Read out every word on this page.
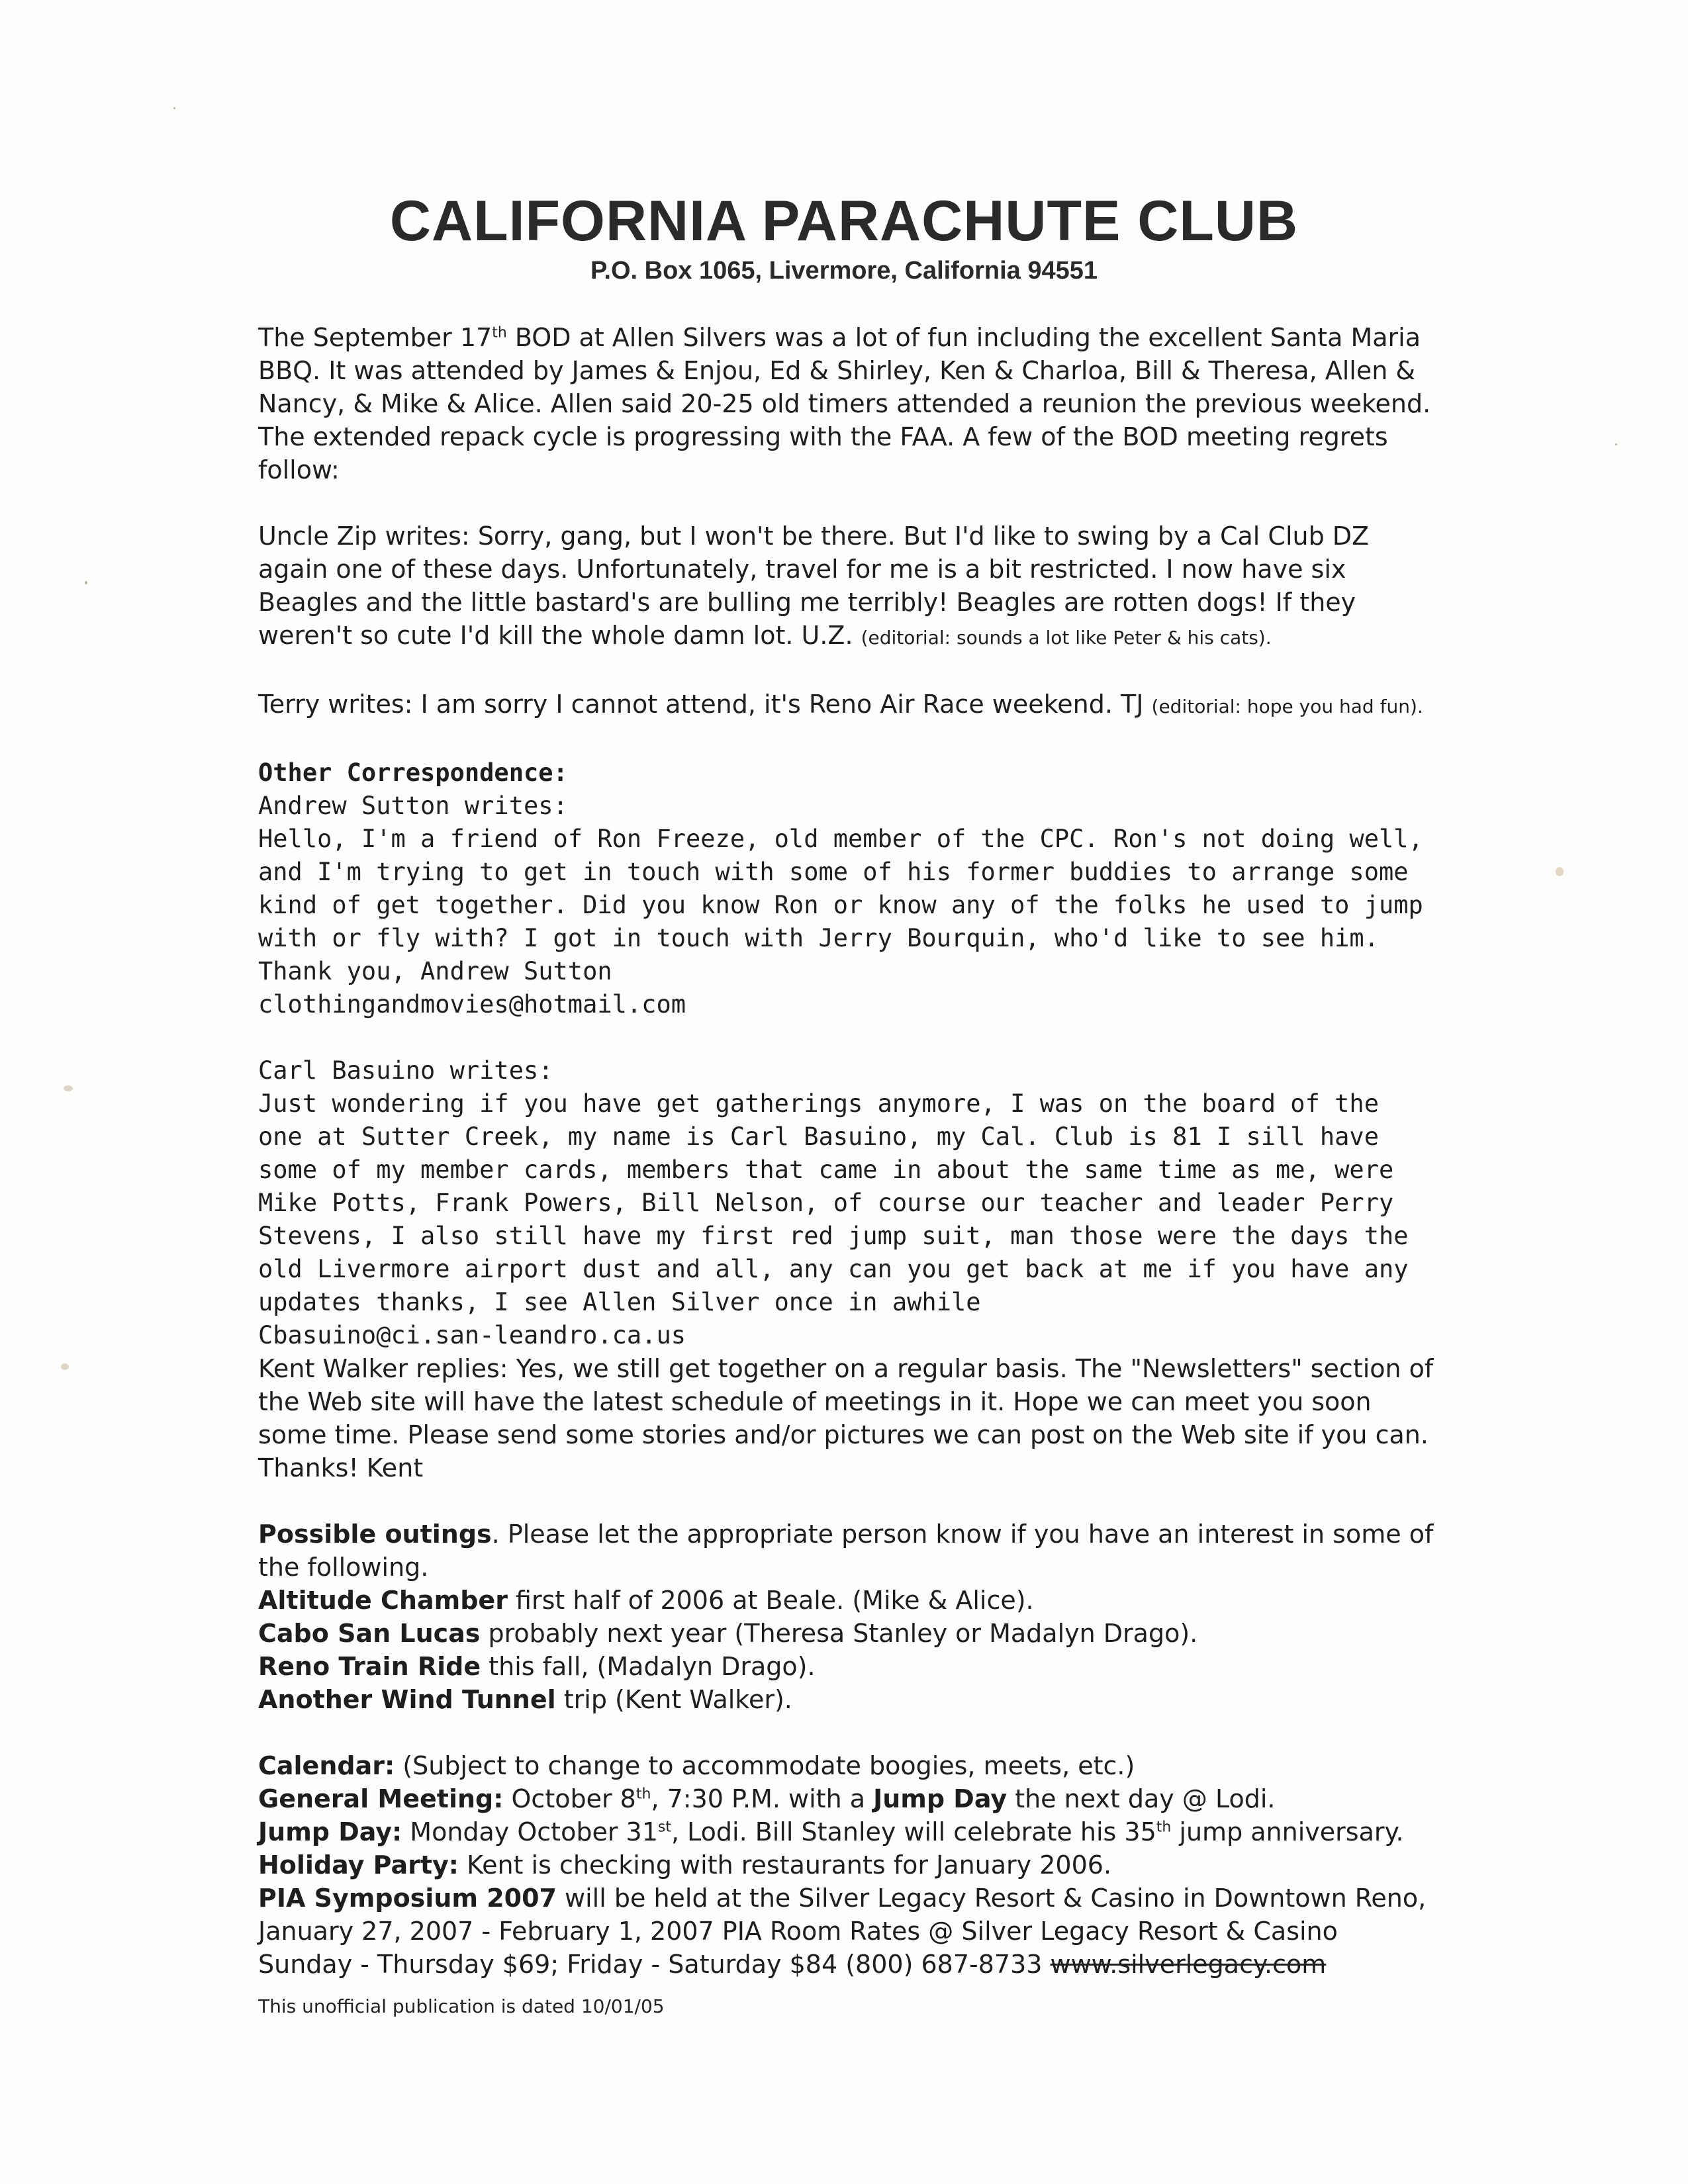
CALIFORNIA PARACHUTE CLUB
P.O. Box 1065, Livermore, California 94551

The September 17th BOD at Allen Silvers was a lot of fun including the excellent Santa Maria BBQ. It was attended by James & Enjou, Ed & Shirley, Ken & Charloa, Bill & Theresa, Allen & Nancy, & Mike & Alice. Allen said 20-25 old timers attended a reunion the previous weekend. The extended repack cycle is progressing with the FAA. A few of the BOD meeting regrets follow:

Uncle Zip writes: Sorry, gang, but I won't be there. But I'd like to swing by a Cal Club DZ again one of these days. Unfortunately, travel for me is a bit restricted. I now have six Beagles and the little bastard's are bulling me terribly! Beagles are rotten dogs! If they weren't so cute I'd kill the whole damn lot. U.Z. (editorial: sounds a lot like Peter & his cats).

Terry writes: I am sorry I cannot attend, it's Reno Air Race weekend. TJ (editorial: hope you had fun).

Other Correspondence:

Andrew Sutton writes:

Hello, I'm a friend of Ron Freeze, old member of the CPC. Ron's not doing well, and I'm trying to get in touch with some of his former buddies to arrange some kind of get together. Did you know Ron or know any of the folks he used to jump with or fly with? I got in touch with Jerry Bourquin, who'd like to see him. Thank you, Andrew Sutton

clothingandmovies@hotmail.com

Carl Basuino writes:

Just wondering if you have get gatherings anymore, I was on the board of the one at Sutter Creek, my name is Carl Basuino, my Cal. Club is 81 I sill have some of my member cards, members that came in about the same time as me, were Mike Potts, Frank Powers, Bill Nelson, of course our teacher and leader Perry Stevens, I also still have my first red jump suit, man those were the days the old Livermore airport dust and all, any can you get back at me if you have any updates thanks, I see Allen Silver once in awhile

Cbasuino@ci.san-leandro.ca.us

Kent Walker replies: Yes, we still get together on a regular basis. The "Newsletters" section of the Web site will have the latest schedule of meetings in it. Hope we can meet you soon some time. Please send some stories and/or pictures we can post on the Web site if you can. Thanks! Kent

Possible outings. Please let the appropriate person know if you have an interest in some of the following.

Altitude Chamber first half of 2006 at Beale. (Mike & Alice).

Cabo San Lucas probably next year (Theresa Stanley or Madalyn Drago).

Reno Train Ride this fall, (Madalyn Drago).

Another Wind Tunnel trip (Kent Walker).

Calendar: (Subject to change to accommodate boogies, meets, etc.)

General Meeting: October 8th, 7:30 P.M. with a Jump Day the next day @ Lodi.

Jump Day: Monday October 31st, Lodi. Bill Stanley will celebrate his 35th jump anniversary.

Holiday Party: Kent is checking with restaurants for January 2006.

PIA Symposium 2007 will be held at the Silver Legacy Resort & Casino in Downtown Reno, January 27, 2007 - February 1, 2007 PIA Room Rates @ Silver Legacy Resort & Casino Sunday - Thursday $69; Friday - Saturday $84 (800) 687-8733 www.silverlegacy.com

This unofficial publication is dated 10/01/05
